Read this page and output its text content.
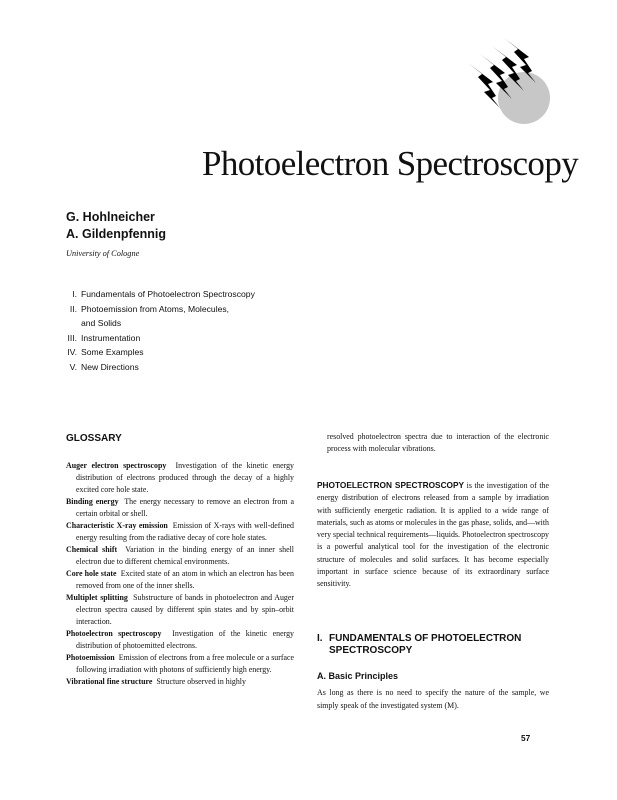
Photoelectron Spectroscopy
G. Hohlneicher
A. Gildenpfennig
University of Cologne
I. Fundamentals of Photoelectron Spectroscopy
II. Photoemission from Atoms, Molecules,
and Solids
III. Instrumentation
IV. Some Examples
V. New Directions
GLOSSARY

Auger electron spectroscopy Investigation of the kinetic energy distribution of electrons produced through the decay of a highly excited core hole state.

Binding energy The energy necessary to remove an electron from a certain orbital or shell.

Characteristic X-ray emission Emission of X-rays with well-defined energy resulting from the radiative decay of core hole states.

Chemical shift Variation in the binding energy of an inner shell electron due to different chemical environments.

Core hole state Excited state of an atom in which an electron has been removed from one of the inner shells.

Multiplet splitting Substructure of bands in photoelectron and Auger electron spectra caused by different spin states and by spin–orbit interaction.

Photoelectron spectroscopy Investigation of the kinetic energy distribution of photoemitted electrons.

Photoemission Emission of electrons from a free molecule or a surface following irradiation with photons of sufficiently high energy.

Vibrational fine structure Structure observed in highly

resolved photoelectron spectra due to interaction of the electronic process with molecular vibrations.

PHOTOELECTRON SPECTROSCOPY is the investigation of the energy distribution of electrons released from a sample by irradiation with sufficiently energetic radiation. It is applied to a wide range of materials, such as atoms or molecules in the gas phase, solids, and—with very special technical requirements—liquids. Photoelectron spectroscopy is a powerful analytical tool for the investigation of the electronic structure of molecules and solid surfaces. It has become especially important in surface science because of its extraordinary surface sensitivity.

I. FUNDAMENTALS OF PHOTOELECTRON
SPECTROSCOPY
A. Basic Principles
As long as there is no need to specify the nature of the sample, we simply speak of the investigated system (M).
57
